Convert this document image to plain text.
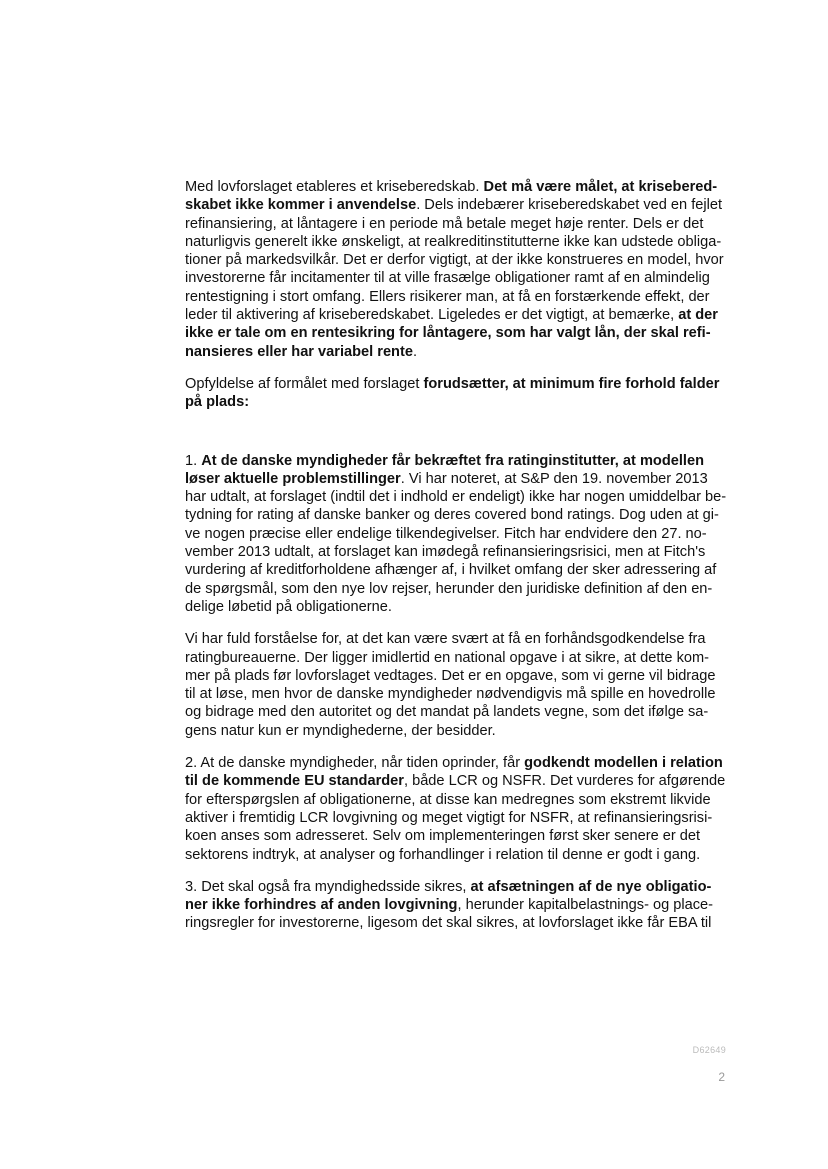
Med lovforslaget etableres et kriseberedskab. Det må være målet, at krisebered-skabet ikke kommer i anvendelse. Dels indebærer kriseberedskabet ved en fejlet refinansiering, at låntagere i en periode må betale meget høje renter. Dels er det naturligvis generelt ikke ønskeligt, at realkreditinstitutterne ikke kan udstede obliga-tioner på markedsvilkår. Det er derfor vigtigt, at der ikke konstrueres en model, hvor investorerne får incitamenter til at ville frasælge obligationer ramt af en almindelig rentestigning i stort omfang. Ellers risikerer man, at få en forstærkende effekt, der leder til aktivering af kriseberedskabet. Ligeledes er det vigtigt, at bemærke, at der ikke er tale om en rentesikring for låntagere, som har valgt lån, der skal refi-nansieres eller har variabel rente.

Opfyldelse af formålet med forslaget forudsætter, at minimum fire forhold falder på plads:

1. At de danske myndigheder får bekræftet fra ratinginstitutter, at modellen løser aktuelle problemstillinger. Vi har noteret, at S&P den 19. november 2013 har udtalt, at forslaget (indtil det i indhold er endeligt) ikke har nogen umiddelbar be-tydning for rating af danske banker og deres covered bond ratings. Dog uden at gi-ve nogen præcise eller endelige tilkendegivelser. Fitch har endvidere den 27. no-vember 2013 udtalt, at forslaget kan imødegå refinansieringsrisici, men at Fitch's vurdering af kreditforholdene afhænger af, i hvilket omfang der sker adressering af de spørgsmål, som den nye lov rejser, herunder den juridiske definition af den en-delige løbetid på obligationerne.

Vi har fuld forståelse for, at det kan være svært at få en forhåndsgodkendelse fra ratingbureauerne. Der ligger imidlertid en national opgave i at sikre, at dette kom-mer på plads før lovforslaget vedtages. Det er en opgave, som vi gerne vil bidrage til at løse, men hvor de danske myndigheder nødvendigvis må spille en hovedrolle og bidrage med den autoritet og det mandat på landets vegne, som det ifølge sa-gens natur kun er myndighederne, der besidder.

2. At de danske myndigheder, når tiden oprinder, får godkendt modellen i relation til de kommende EU standarder, både LCR og NSFR. Det vurderes for afgørende for efterspørgslen af obligationerne, at disse kan medregnes som ekstremt likvide aktiver i fremtidig LCR lovgivning og meget vigtigt for NSFR, at refinansieringsrisi-koen anses som adresseret. Selv om implementeringen først sker senere er det sektorens indtryk, at analyser og forhandlinger i relation til denne er godt i gang.

3. Det skal også fra myndighedsside sikres, at afsætningen af de nye obligatio-ner ikke forhindres af anden lovgivning, herunder kapitalbelastnings- og place-ringsregler for investorerne, ligesom det skal sikres, at lovforslaget ikke får EBA til

D62649
2
